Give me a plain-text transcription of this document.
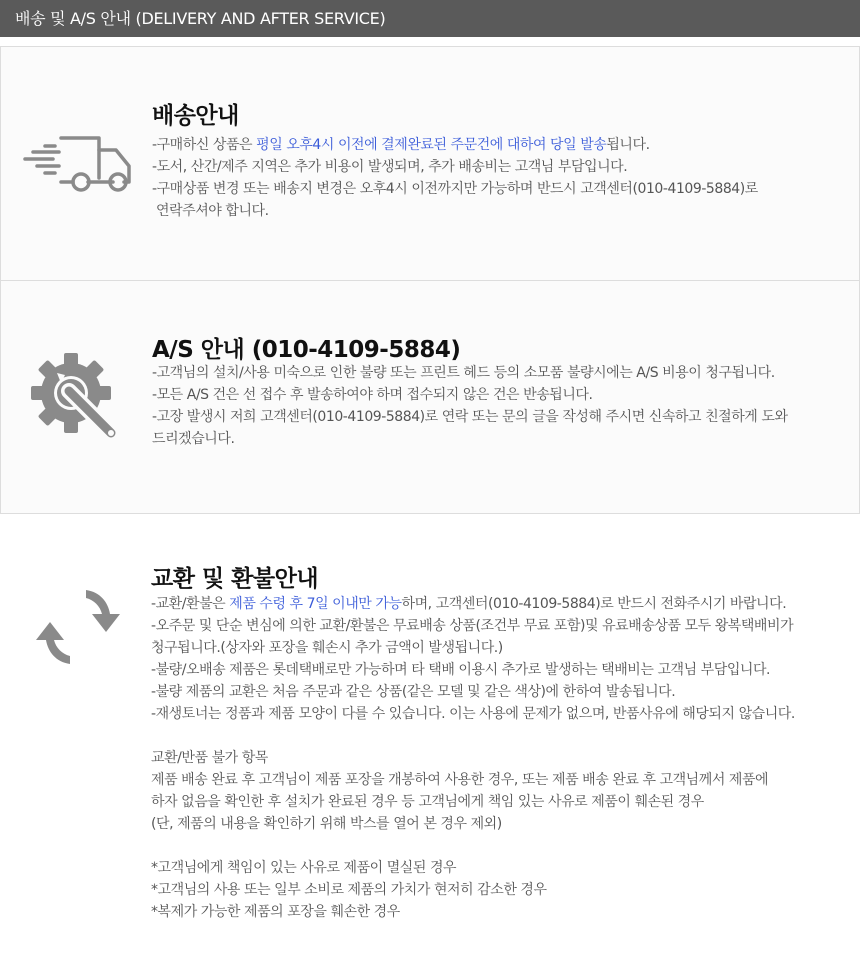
배송 및 A/S 안내 (DELIVERY AND AFTER SERVICE)
배송안내

-구매하신 상품은 평일 오후4시 이전에 결제완료된 주문건에 대하여 당일 발송됩니다.

-도서, 산간/제주 지역은 추가 비용이 발생되며, 추가 배송비는 고객님 부담입니다.

-구매상품 변경 또는 배송지 변경은 오후4시 이전까지만 가능하며 반드시 고객센터(010-4109-5884)로

연락주셔야 합니다.

A/S 안내 (010-4109-5884)

-고객님의 설치/사용 미숙으로 인한 불량 또는 프린트 헤드 등의 소모품 불량시에는 A/S 비용이 청구됩니다.

-모든 A/S 건은 선 접수 후 발송하여야 하며 접수되지 않은 건은 반송됩니다.

-고장 발생시 저희 고객센터(010-4109-5884)로 연락 또는 문의 글을 작성해 주시면 신속하고 친절하게 도와

드리겠습니다.

교환 및 환불안내

-교환/환불은 제품 수령 후 7일 이내만 가능하며, 고객센터(010-4109-5884)로 반드시 전화주시기 바랍니다.

-오주문 및 단순 변심에 의한 교환/환불은 무료배송 상품(조건부 무료 포함)및 유료배송상품 모두 왕복택배비가

청구됩니다.(상자와 포장을 훼손시 추가 금액이 발생됩니다.)

-불량/오배송 제품은 롯데택배로만 가능하며 타 택배 이용시 추가로 발생하는 택배비는 고객님 부담입니다.

-불량 제품의 교환은 처음 주문과 같은 상품(같은 모델 및 같은 색상)에 한하여 발송됩니다.

-재생토너는 정품과 제품 모양이 다를 수 있습니다. 이는 사용에 문제가 없으며, 반품사유에 해당되지 않습니다.

교환/반품 불가 항목

제품 배송 완료 후 고객님이 제품 포장을 개봉하여 사용한 경우, 또는 제품 배송 완료 후 고객님께서 제품에

하자 없음을 확인한 후 설치가 완료된 경우 등 고객님에게 책임 있는 사유로 제품이 훼손된 경우

(단, 제품의 내용을 확인하기 위해 박스를 열어 본 경우 제외)

*고객님에게 책임이 있는 사유로 제품이 멸실된 경우

*고객님의 사용 또는 일부 소비로 제품의 가치가 현저히 감소한 경우

*복제가 가능한 제품의 포장을 훼손한 경우
